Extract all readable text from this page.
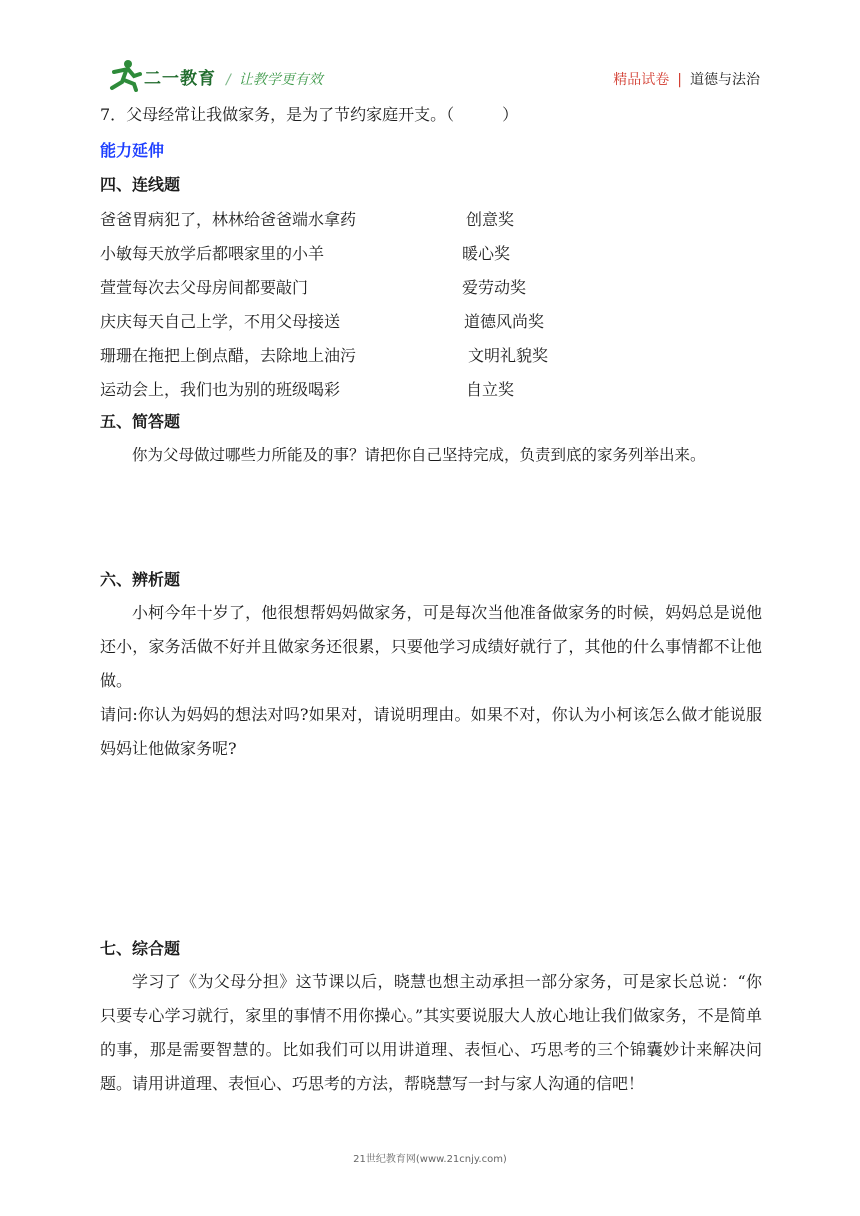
二一教育 / 让教学更有效	精品试卷 | 道德与法治
7．父母经常让我做家务，是为了节约家庭开支。（　　　）
能力延伸
四、连线题
爸爸胃病犯了，林林给爸爸端水拿药	创意奖
小敏每天放学后都喂家里的小羊	暖心奖
萱萱每次去父母房间都要敲门	爱劳动奖
庆庆每天自己上学，不用父母接送	道德风尚奖
珊珊在拖把上倒点醋，去除地上油污	文明礼貌奖
运动会上，我们也为别的班级喝彩	自立奖
五、简答题
你为父母做过哪些力所能及的事？请把你自己坚持完成，负责到底的家务列举出来。
六、辨析题
小柯今年十岁了，他很想帮妈妈做家务，可是每次当他准备做家务的时候，妈妈总是说他还小，家务活做不好并且做家务还很累，只要他学习成绩好就行了，其他的什么事情都不让他做。
请问:你认为妈妈的想法对吗?如果对，请说明理由。如果不对，你认为小柯该怎么做才能说服妈妈让他做家务呢?
七、综合题
学习了《为父母分担》这节课以后，晓慧也想主动承担一部分家务，可是家长总说：“你只要专心学习就行，家里的事情不用你操心。”其实要说服大人放心地让我们做家务，不是简单的事，那是需要智慧的。比如我们可以用讲道理、表恒心、巧思考的三个锦囊妙计来解决问题。请用讲道理、表恒心、巧思考的方法，帮晓慧写一封与家人沟通的信吧！
21世纪教育网(www.21cnjy.com)
